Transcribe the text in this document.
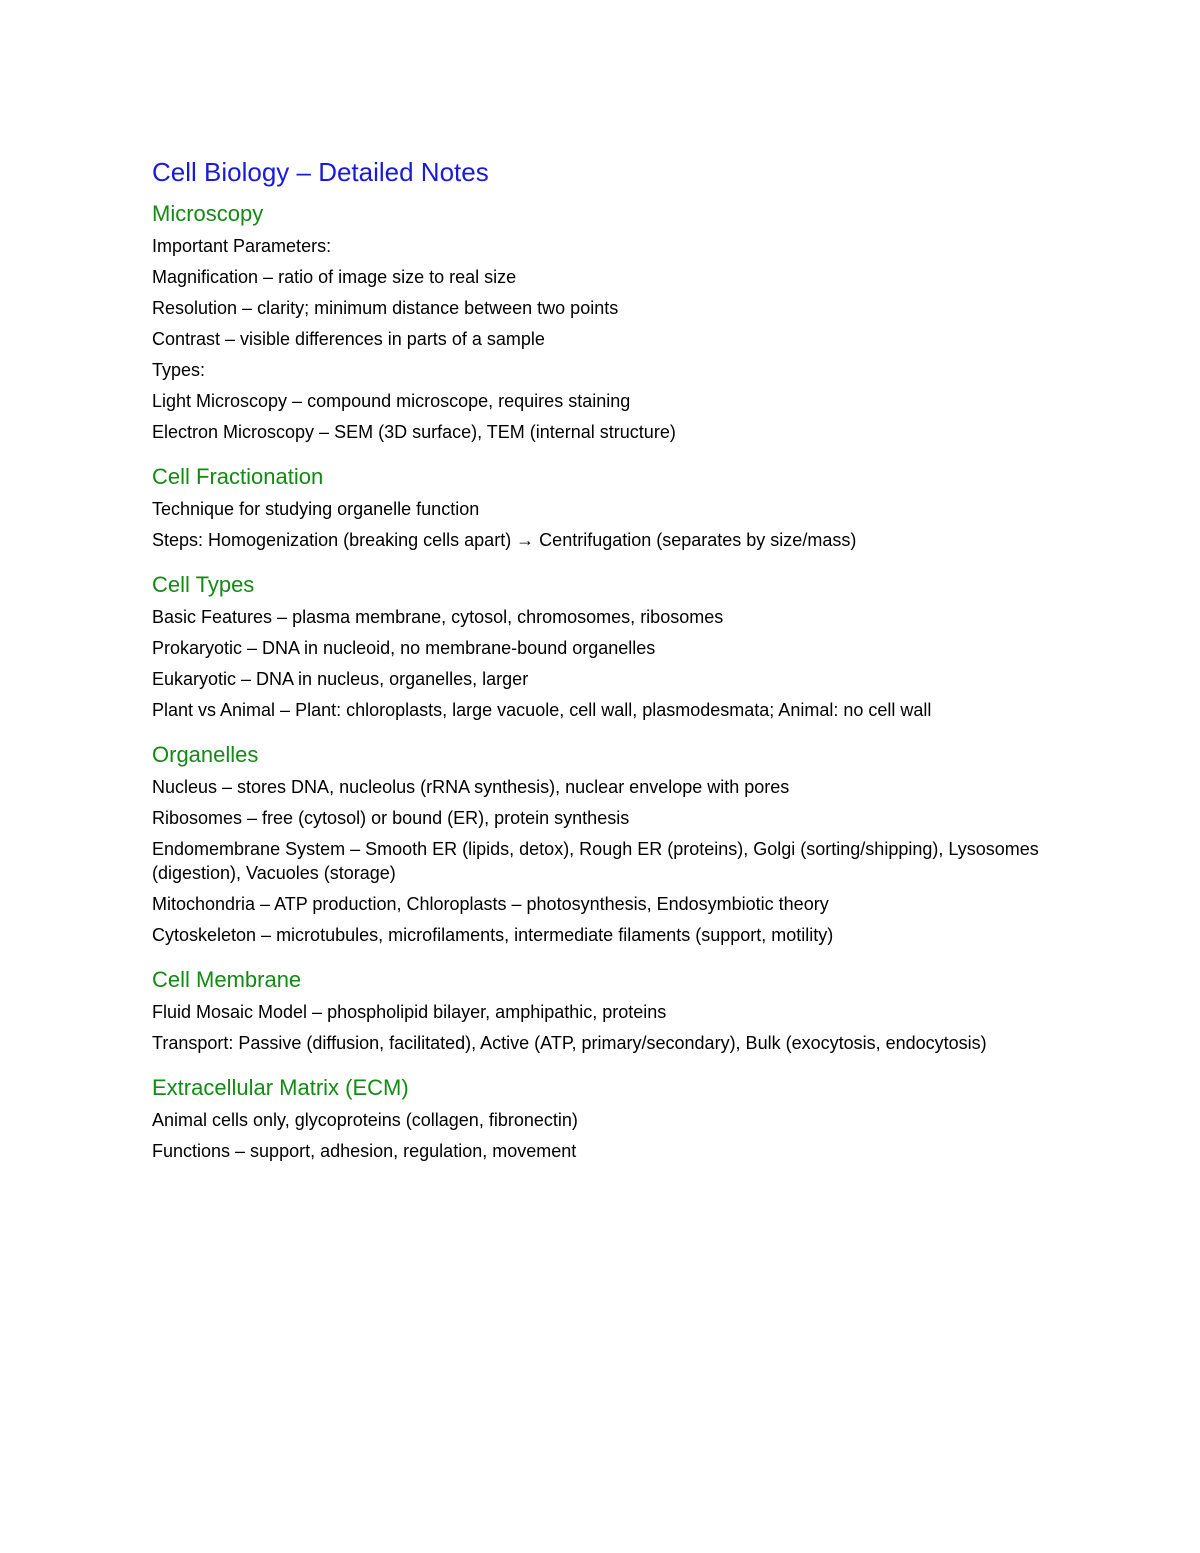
Cell Biology – Detailed Notes
Microscopy
Important Parameters:
Magnification – ratio of image size to real size
Resolution – clarity; minimum distance between two points
Contrast – visible differences in parts of a sample
Types:
Light Microscopy – compound microscope, requires staining
Electron Microscopy – SEM (3D surface), TEM (internal structure)
Cell Fractionation
Technique for studying organelle function
Steps: Homogenization (breaking cells apart) → Centrifugation (separates by size/mass)
Cell Types
Basic Features – plasma membrane, cytosol, chromosomes, ribosomes
Prokaryotic – DNA in nucleoid, no membrane-bound organelles
Eukaryotic – DNA in nucleus, organelles, larger
Plant vs Animal – Plant: chloroplasts, large vacuole, cell wall, plasmodesmata; Animal: no cell wall
Organelles
Nucleus – stores DNA, nucleolus (rRNA synthesis), nuclear envelope with pores
Ribosomes – free (cytosol) or bound (ER), protein synthesis
Endomembrane System – Smooth ER (lipids, detox), Rough ER (proteins), Golgi (sorting/shipping), Lysosomes (digestion), Vacuoles (storage)
Mitochondria – ATP production, Chloroplasts – photosynthesis, Endosymbiotic theory
Cytoskeleton – microtubules, microfilaments, intermediate filaments (support, motility)
Cell Membrane
Fluid Mosaic Model – phospholipid bilayer, amphipathic, proteins
Transport: Passive (diffusion, facilitated), Active (ATP, primary/secondary), Bulk (exocytosis, endocytosis)
Extracellular Matrix (ECM)
Animal cells only, glycoproteins (collagen, fibronectin)
Functions – support, adhesion, regulation, movement
